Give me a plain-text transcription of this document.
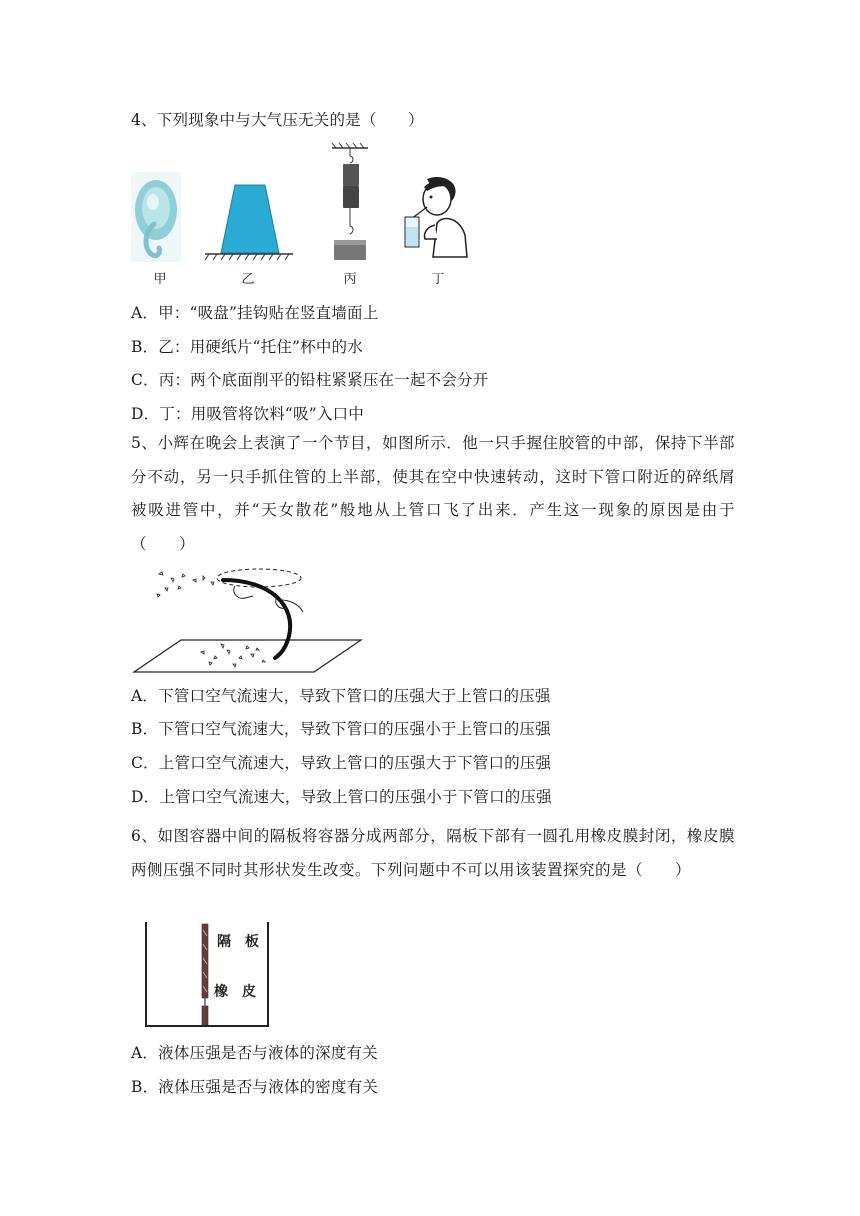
4、下列现象中与大气压无关的是（　　）
甲	乙	丙	丁
A．甲：“吸盘”挂钩贴在竖直墙面上
B．乙：用硬纸片“托住”杯中的水
C．丙：两个底面削平的铅柱紧紧压在一起不会分开
D．丁：用吸管将饮料“吸”入口中
5、小辉在晚会上表演了一个节目，如图所示．他一只手握住胶管的中部，保持下半部分不动，另一只手抓住管的上半部，使其在空中快速转动，这时下管口附近的碎纸屑被吸进管中，并“天女散花”般地从上管口飞了出来．产生这一现象的原因是由于（　　）
A．下管口空气流速大，导致下管口的压强大于上管口的压强
B．下管口空气流速大，导致下管口的压强小于上管口的压强
C．上管口空气流速大，导致上管口的压强大于下管口的压强
D．上管口空气流速大，导致上管口的压强小于下管口的压强
6、如图容器中间的隔板将容器分成两部分，隔板下部有一圆孔用橡皮膜封闭，橡皮膜两侧压强不同时其形状发生改变。下列问题中不可以用该装置探究的是（　　）
隔　板
橡　皮
A．液体压强是否与液体的深度有关
B．液体压强是否与液体的密度有关
